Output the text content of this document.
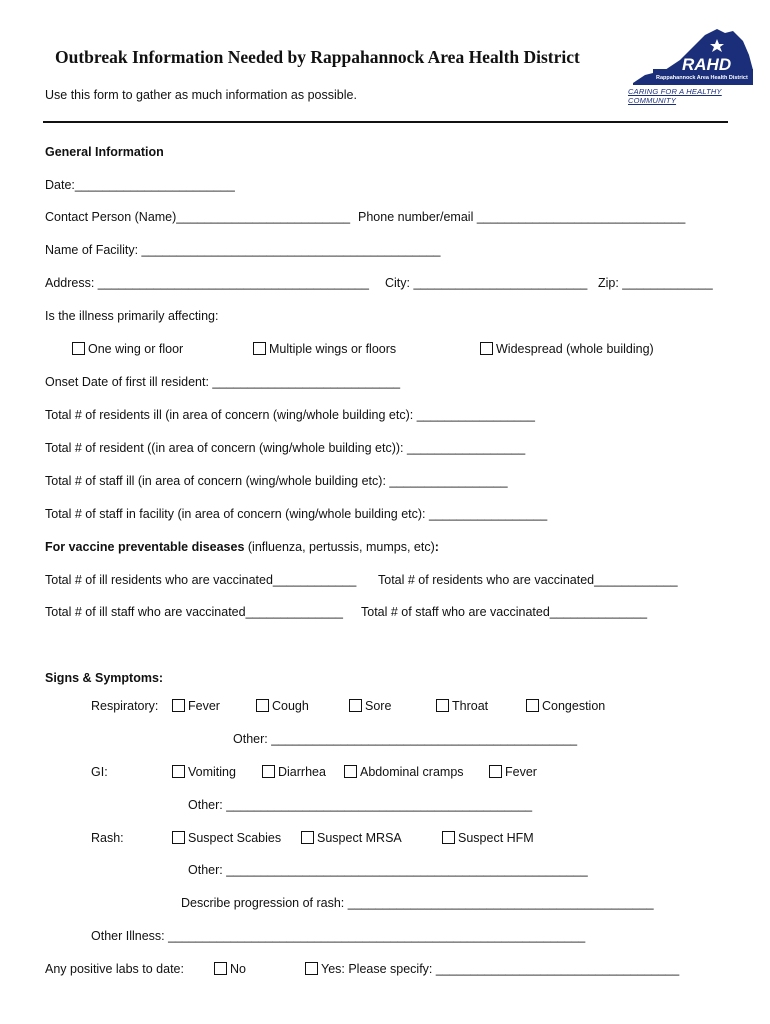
Outbreak Information Needed by Rappahannock Area Health District
Use this form to gather as much information as possible.
RAHD
Rappahannock Area Health District
CARING FOR A HEALTHY COMMUNITY
General Information
Date:_______________________
Contact Person (Name)_________________________ Phone number/email ______________________________
Name of Facility: ___________________________________________
Address: _______________________________________ City: _________________________ Zip: _____________
Is the illness primarily affecting:
One wing or floor	Multiple wings or floors	Widespread (whole building)
Onset Date of first ill resident: ___________________________
Total # of residents ill (in area of concern (wing/whole building etc): _________________
Total # of resident ((in area of concern (wing/whole building etc)): _________________
Total # of staff ill (in area of concern (wing/whole building etc): _________________
Total # of staff in facility (in area of concern (wing/whole building etc): _________________
For vaccine preventable diseases (influenza, pertussis, mumps, etc):
Total # of ill residents who are vaccinated____________ Total # of residents who are vaccinated____________
Total # of ill staff who are vaccinated______________ Total # of staff who are vaccinated______________
Signs & Symptoms:
Respiratory:	Fever	Cough	Sore	Throat	Congestion
Other: ____________________________________________
GI:	Vomiting	Diarrhea	Abdominal cramps	Fever
Other: ____________________________________________
Rash:	Suspect Scabies	Suspect MRSA	Suspect HFM
Other: ____________________________________________________
Describe progression of rash: ____________________________________________
Other Illness: ____________________________________________________________
Any positive labs to date:	No	Yes: Please specify: ___________________________________
